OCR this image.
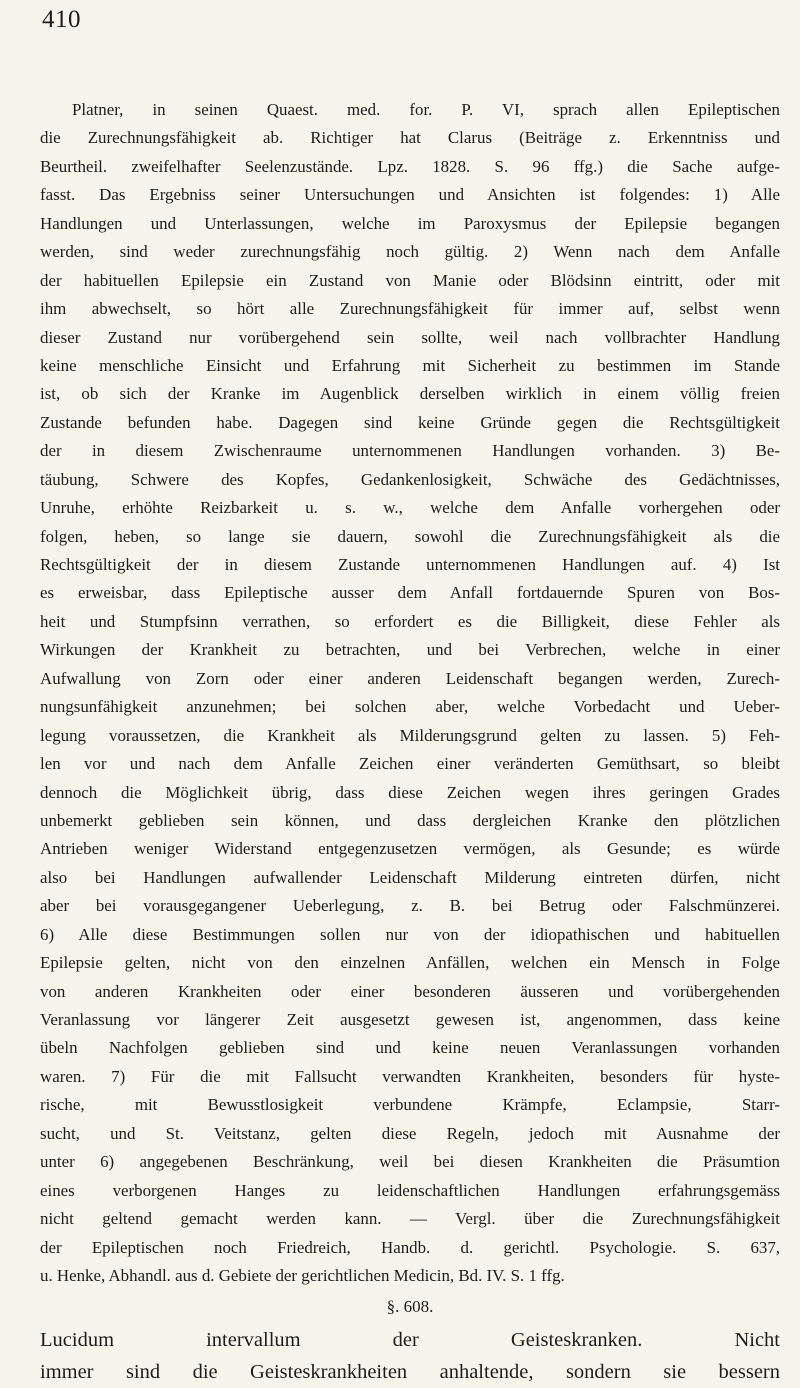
410
Platner, in seinen Quaest. med. for. P. VI, sprach allen Epileptischen
die Zurechnungsfähigkeit ab. Richtiger hat Clarus (Beiträge z. Erkenntniss und
Beurtheil. zweifelhafter Seelenzustände. Lpz. 1828. S. 96 ffg.) die Sache aufge-
fasst. Das Ergebniss seiner Untersuchungen und Ansichten ist folgendes: 1) Alle
Handlungen und Unterlassungen, welche im Paroxysmus der Epilepsie begangen
werden, sind weder zurechnungsfähig noch gültig. 2) Wenn nach dem Anfalle
der habituellen Epilepsie ein Zustand von Manie oder Blödsinn eintritt, oder mit
ihm abwechselt, so hört alle Zurechnungsfähigkeit für immer auf, selbst wenn
dieser Zustand nur vorübergehend sein sollte, weil nach vollbrachter Handlung
keine menschliche Einsicht und Erfahrung mit Sicherheit zu bestimmen im Stande
ist, ob sich der Kranke im Augenblick derselben wirklich in einem völlig freien
Zustande befunden habe. Dagegen sind keine Gründe gegen die Rechtsgültigkeit
der in diesem Zwischenraume unternommenen Handlungen vorhanden. 3) Be-
täubung, Schwere des Kopfes, Gedankenlosigkeit, Schwäche des Gedächtnisses,
Unruhe, erhöhte Reizbarkeit u. s. w., welche dem Anfalle vorhergehen oder
folgen, heben, so lange sie dauern, sowohl die Zurechnungsfähigkeit als die
Rechtsgültigkeit der in diesem Zustande unternommenen Handlungen auf. 4) Ist
es erweisbar, dass Epileptische ausser dem Anfall fortdauernde Spuren von Bos-
heit und Stumpfsinn verrathen, so erfordert es die Billigkeit, diese Fehler als
Wirkungen der Krankheit zu betrachten, und bei Verbrechen, welche in einer
Aufwallung von Zorn oder einer anderen Leidenschaft begangen werden, Zurech-
nungsunfähigkeit anzunehmen; bei solchen aber, welche Vorbedacht und Ueber-
legung voraussetzen, die Krankheit als Milderungsgrund gelten zu lassen. 5) Feh-
len vor und nach dem Anfalle Zeichen einer veränderten Gemüthsart, so bleibt
dennoch die Möglichkeit übrig, dass diese Zeichen wegen ihres geringen Grades
unbemerkt geblieben sein können, und dass dergleichen Kranke den plötzlichen
Antrieben weniger Widerstand entgegenzusetzen vermögen, als Gesunde; es würde
also bei Handlungen aufwallender Leidenschaft Milderung eintreten dürfen, nicht
aber bei vorausgegangener Ueberlegung, z. B. bei Betrug oder Falschmünzerei.
6) Alle diese Bestimmungen sollen nur von der idiopathischen und habituellen
Epilepsie gelten, nicht von den einzelnen Anfällen, welchen ein Mensch in Folge
von anderen Krankheiten oder einer besonderen äusseren und vorübergehenden
Veranlassung vor längerer Zeit ausgesetzt gewesen ist, angenommen, dass keine
übeln Nachfolgen geblieben sind und keine neuen Veranlassungen vorhanden
waren. 7) Für die mit Fallsucht verwandten Krankheiten, besonders für hyste-
rische, mit Bewusstlosigkeit verbundene Krämpfe, Eclampsie, Starr-
sucht, und St. Veitstanz, gelten diese Regeln, jedoch mit Ausnahme der
unter 6) angegebenen Beschränkung, weil bei diesen Krankheiten die Präsumtion
eines verborgenen Hanges zu leidenschaftlichen Handlungen erfahrungsgemäss
nicht geltend gemacht werden kann. — Vergl. über die Zurechnungsfähigkeit
der Epileptischen noch Friedreich, Handb. d. gerichtl. Psychologie. S. 637,
u. Henke, Abhandl. aus d. Gebiete der gerichtlichen Medicin, Bd. IV. S. 1 ffg.
§. 608.
Lucidum intervallum der Geisteskranken. Nicht
immer sind die Geisteskrankheiten anhaltende, sondern sie bessern
